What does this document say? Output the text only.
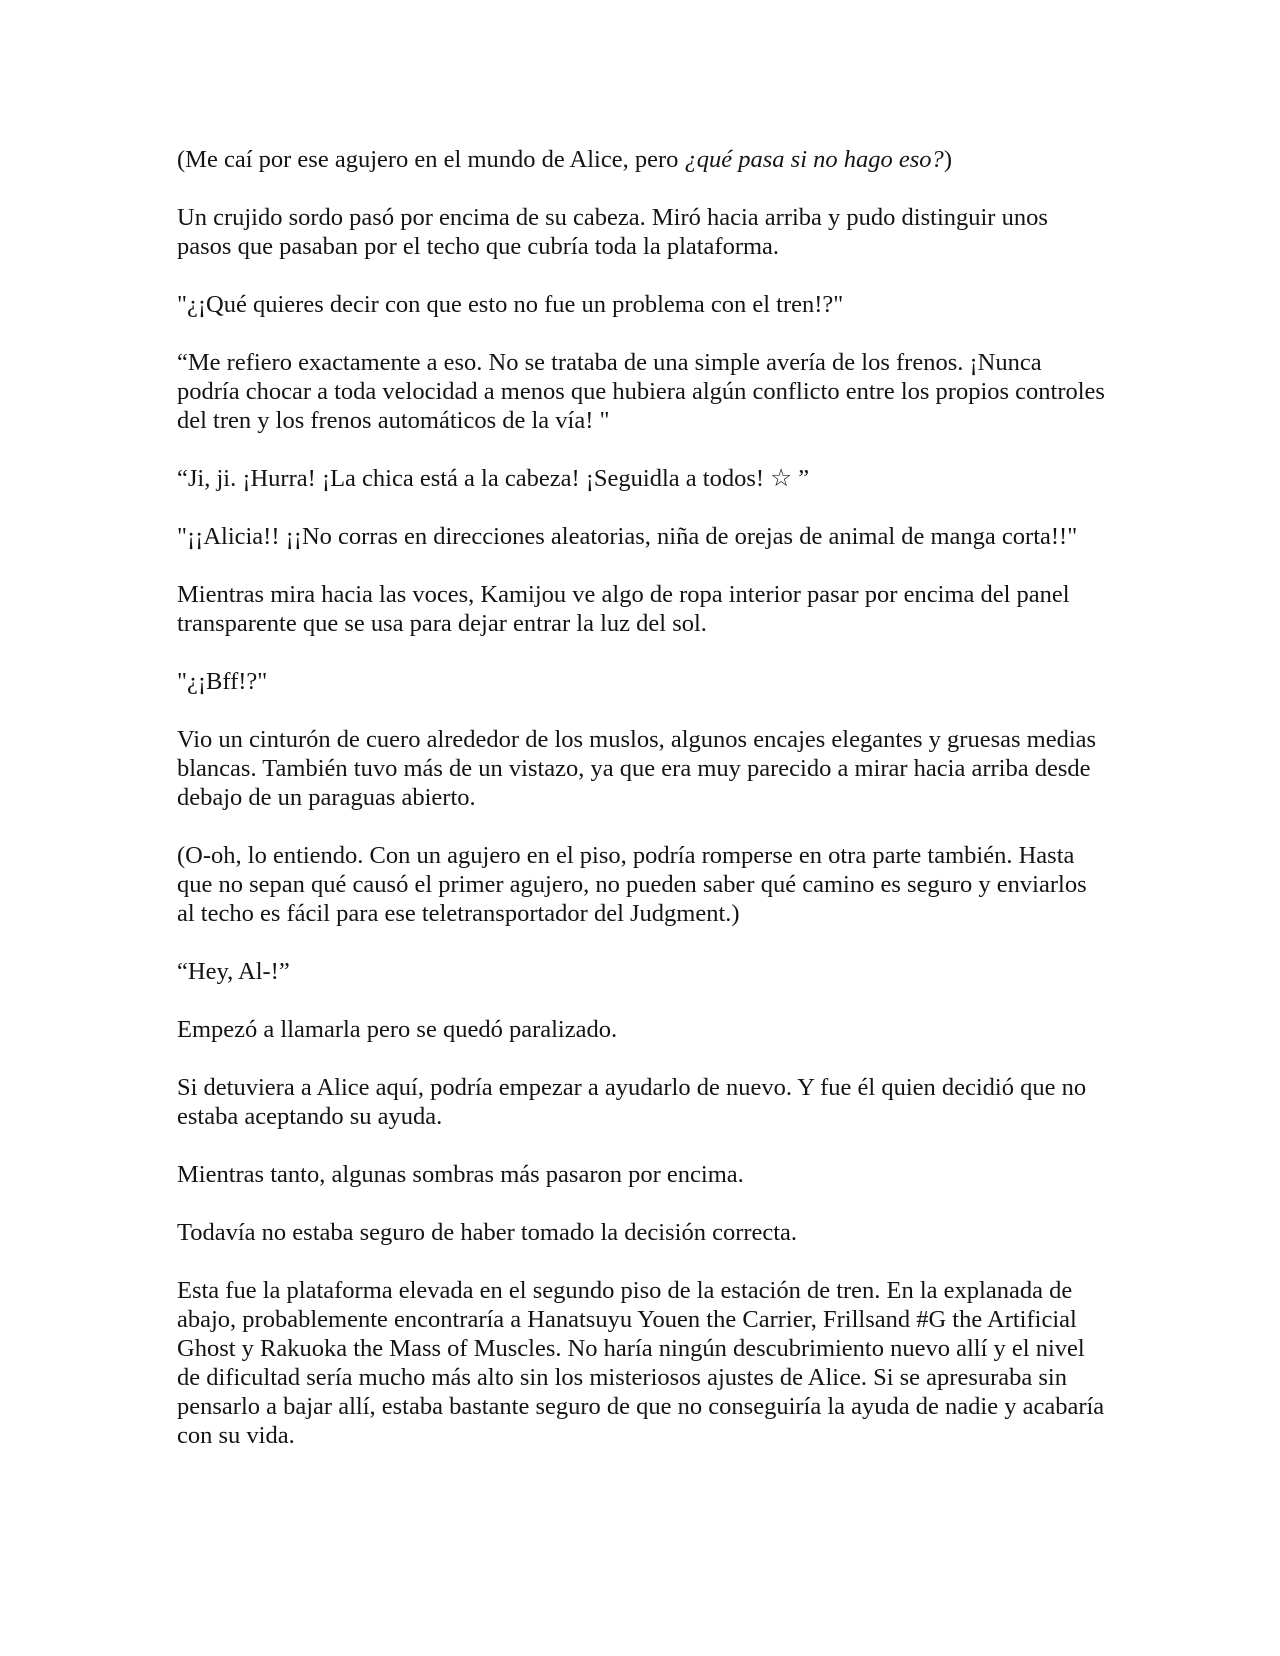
(Me caí por ese agujero en el mundo de Alice, pero ¿qué pasa si no hago eso?)

Un crujido sordo pasó por encima de su cabeza. Miró hacia arriba y pudo distinguir unos pasos que pasaban por el techo que cubría toda la plataforma.

"¿¡Qué quieres decir con que esto no fue un problema con el tren!?"

“Me refiero exactamente a eso. No se trataba de una simple avería de los frenos. ¡Nunca podría chocar a toda velocidad a menos que hubiera algún conflicto entre los propios controles del tren y los frenos automáticos de la vía! "

“Ji, ji. ¡Hurra! ¡La chica está a la cabeza! ¡Seguidla a todos! ☆ ”

"¡¡Alicia!! ¡¡No corras en direcciones aleatorias, niña de orejas de animal de manga corta!!"

Mientras mira hacia las voces, Kamijou ve algo de ropa interior pasar por encima del panel transparente que se usa para dejar entrar la luz del sol.

"¿¡Bff!?"

Vio un cinturón de cuero alrededor de los muslos, algunos encajes elegantes y gruesas medias blancas. También tuvo más de un vistazo, ya que era muy parecido a mirar hacia arriba desde debajo de un paraguas abierto.

(O-oh, lo entiendo. Con un agujero en el piso, podría romperse en otra parte también. Hasta que no sepan qué causó el primer agujero, no pueden saber qué camino es seguro y enviarlos al techo es fácil para ese teletransportador del Judgment.)

“Hey, Al-!”

Empezó a llamarla pero se quedó paralizado.

Si detuviera a Alice aquí, podría empezar a ayudarlo de nuevo. Y fue él quien decidió que no estaba aceptando su ayuda.

Mientras tanto, algunas sombras más pasaron por encima.

Todavía no estaba seguro de haber tomado la decisión correcta.

Esta fue la plataforma elevada en el segundo piso de la estación de tren. En la explanada de abajo, probablemente encontraría a Hanatsuyu Youen the Carrier, Frillsand #G the Artificial Ghost y Rakuoka the Mass of Muscles. No haría ningún descubrimiento nuevo allí y el nivel de dificultad sería mucho más alto sin los misteriosos ajustes de Alice. Si se apresuraba sin pensarlo a bajar allí, estaba bastante seguro de que no conseguiría la ayuda de nadie y acabaría con su vida.
